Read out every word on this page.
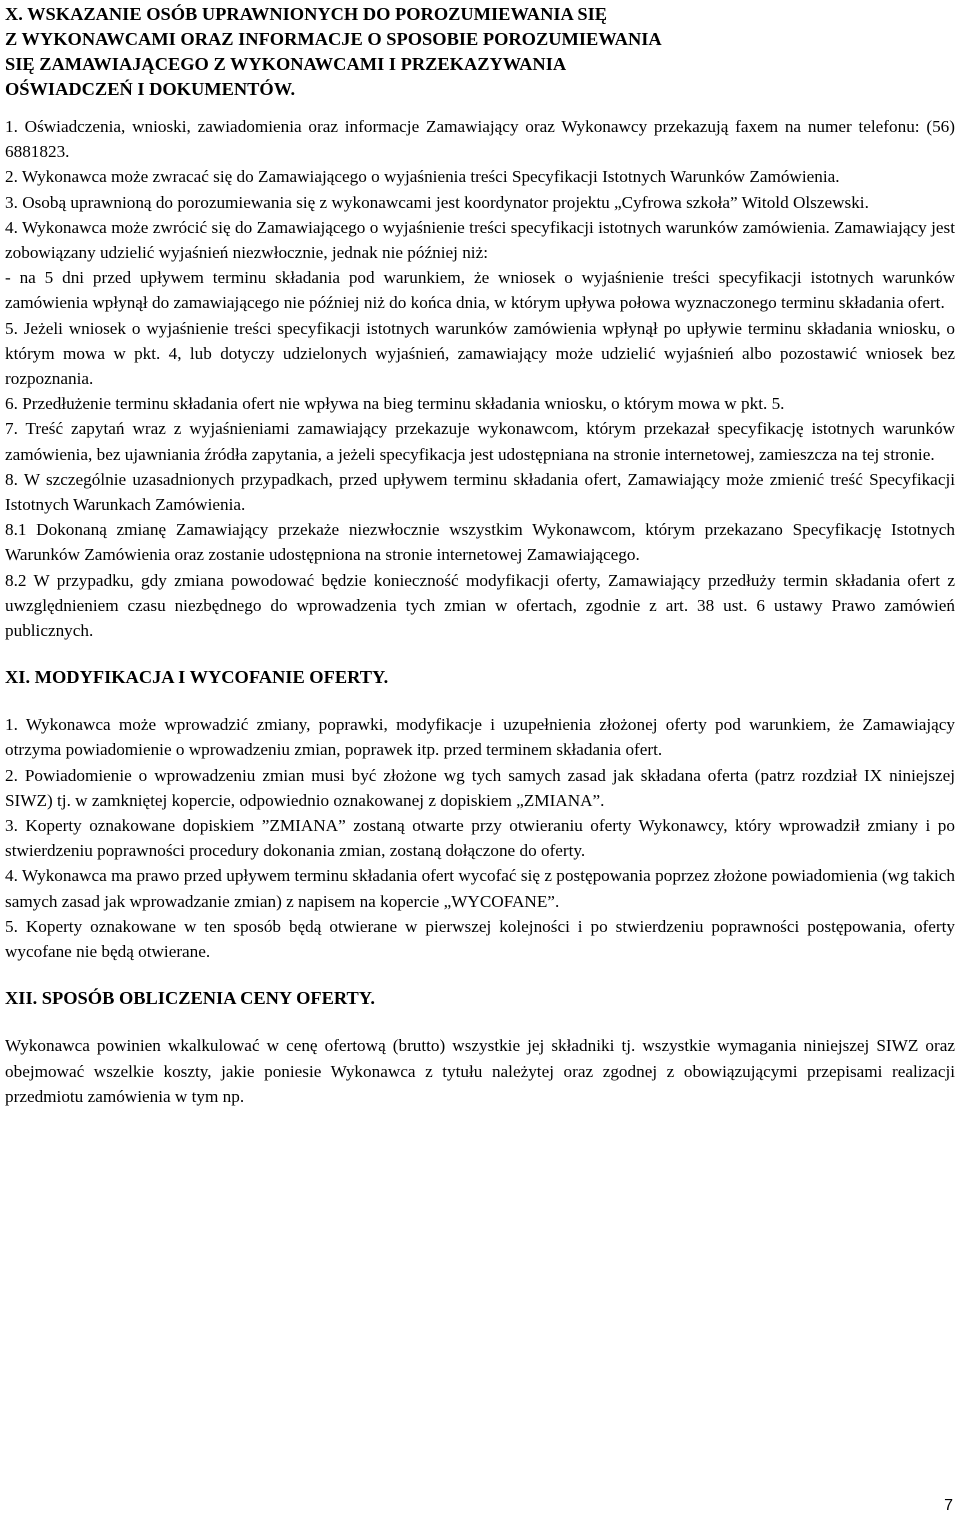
X. WSKAZANIE OSÓB UPRAWNIONYCH DO POROZUMIEWANIA SIĘ
Z WYKONAWCAMI ORAZ INFORMACJE O SPOSOBIE POROZUMIEWANIA
SIĘ ZAMAWIAJĄCEGO Z WYKONAWCAMI I PRZEKAZYWANIA
OŚWIADCZEŃ I DOKUMENTÓW.

1. Oświadczenia, wnioski, zawiadomienia oraz informacje Zamawiający oraz Wykonawcy przekazują faxem na numer telefonu: (56) 6881823.

2. Wykonawca może zwracać się do Zamawiającego o wyjaśnienia treści Specyfikacji Istotnych Warunków Zamówienia.

3. Osobą uprawnioną do porozumiewania się z wykonawcami jest koordynator projektu „Cyfrowa szkoła” Witold Olszewski.

4. Wykonawca może zwrócić się do Zamawiającego o wyjaśnienie treści specyfikacji istotnych warunków zamówienia. Zamawiający jest zobowiązany udzielić wyjaśnień niezwłocznie, jednak nie później niż:

- na 5 dni przed upływem terminu składania pod warunkiem, że wniosek o wyjaśnienie treści specyfikacji istotnych warunków zamówienia wpłynął do zamawiającego nie później niż do końca dnia, w którym upływa połowa wyznaczonego terminu składania ofert.

5. Jeżeli wniosek o wyjaśnienie treści specyfikacji istotnych warunków zamówienia wpłynął po upływie terminu składania wniosku, o którym mowa w pkt. 4, lub dotyczy udzielonych wyjaśnień, zamawiający może udzielić wyjaśnień albo pozostawić wniosek bez rozpoznania.

6. Przedłużenie terminu składania ofert nie wpływa na bieg terminu składania wniosku, o którym mowa w pkt. 5.

7. Treść zapytań wraz z wyjaśnieniami zamawiający przekazuje wykonawcom, którym przekazał specyfikację istotnych warunków zamówienia, bez ujawniania źródła zapytania, a jeżeli specyfikacja jest udostępniana na stronie internetowej, zamieszcza na tej stronie.

8. W szczególnie uzasadnionych przypadkach, przed upływem terminu składania ofert, Zamawiający może zmienić treść Specyfikacji Istotnych Warunkach Zamówienia.

8.1 Dokonaną zmianę Zamawiający przekaże niezwłocznie wszystkim Wykonawcom, którym przekazano Specyfikację Istotnych Warunków Zamówienia oraz zostanie udostępniona na stronie internetowej Zamawiającego.

8.2 W przypadku, gdy zmiana powodować będzie konieczność modyfikacji oferty, Zamawiający przedłuży termin składania ofert z uwzględnieniem czasu niezbędnego do wprowadzenia tych zmian w ofertach, zgodnie z art. 38 ust. 6 ustawy Prawo zamówień publicznych.

XI. MODYFIKACJA I WYCOFANIE OFERTY.

1. Wykonawca może wprowadzić zmiany, poprawki, modyfikacje i uzupełnienia złożonej oferty pod warunkiem, że Zamawiający otrzyma powiadomienie o wprowadzeniu zmian, poprawek itp. przed terminem składania ofert.

2. Powiadomienie o wprowadzeniu zmian musi być złożone wg tych samych zasad jak składana oferta (patrz rozdział IX niniejszej SIWZ) tj. w zamkniętej kopercie, odpowiednio oznakowanej z dopiskiem „ZMIANA”.

3. Koperty oznakowane dopiskiem ”ZMIANA” zostaną otwarte przy otwieraniu oferty Wykonawcy, który wprowadził zmiany i po stwierdzeniu poprawności procedury dokonania zmian, zostaną dołączone do oferty.

4. Wykonawca ma prawo przed upływem terminu składania ofert wycofać się z postępowania poprzez złożone powiadomienia (wg takich samych zasad jak wprowadzanie zmian) z napisem na kopercie „WYCOFANE”.

5. Koperty oznakowane w ten sposób będą otwierane w pierwszej kolejności i po stwierdzeniu poprawności postępowania, oferty wycofane nie będą otwierane.

XII. SPOSÓB OBLICZENIA CENY OFERTY.

Wykonawca powinien wkalkulować w cenę ofertową (brutto) wszystkie jej składniki tj. wszystkie wymagania niniejszej SIWZ oraz obejmować wszelkie koszty, jakie poniesie Wykonawca z tytułu należytej oraz zgodnej z obowiązującymi przepisami realizacji przedmiotu zamówienia w tym np.

7
